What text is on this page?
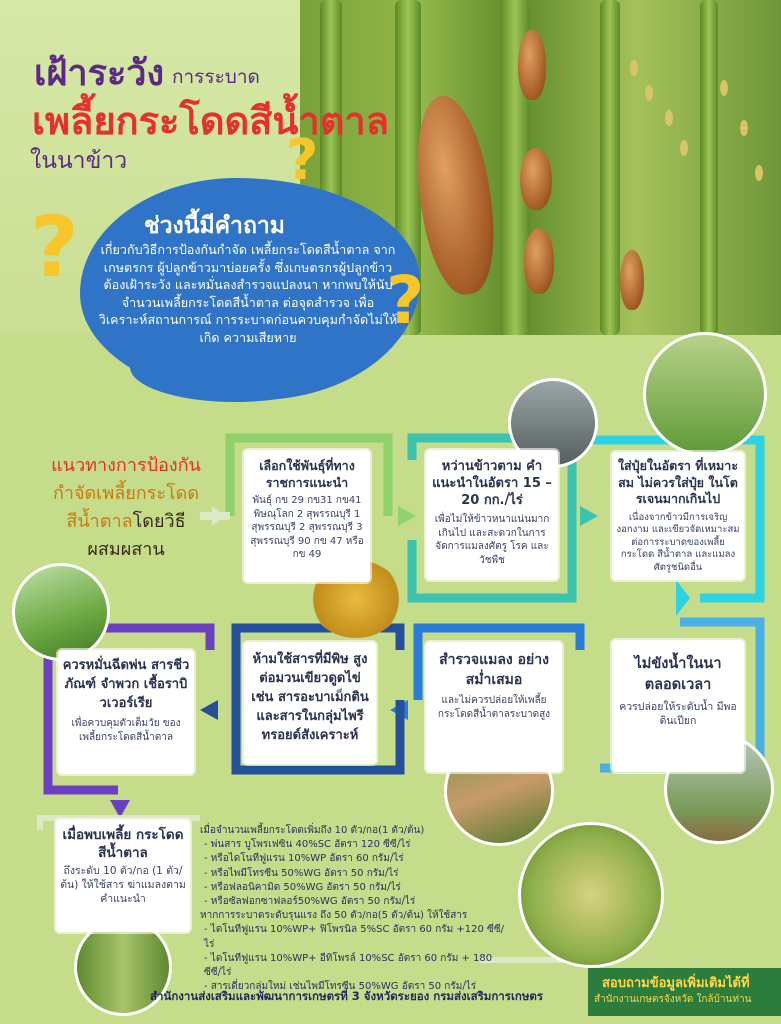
เฝ้าระวัง การระบาด
เพลี้ยกระโดดสีน้ำตาล
ในนาข้าว
?
?
?
ช่วงนี้มีคำถาม
เกี่ยวกับวิธีการป้องกันกำจัด เพลี้ยกระโดดสีน้ำตาล จากเกษตรกร ผู้ปลูกข้าวมาบ่อยครั้ง ซึ่งเกษตรกรผู้ปลูกข้าว ต้องเฝ้าระวัง และหมั่นลงสำรวจแปลงนา หากพบให้นับจำนวนเพลี้ยกระโดดสีน้ำตาล ต่อจุดสำรวจ เพื่อวิเคราะห์สถานการณ์ การระบาดก่อนควบคุมกำจัดไม่ให้เกิด ความเสียหาย
แนวทางการป้องกัน
กำจัดเพลี้ยกระโดด
สีน้ำตาลโดยวิธี
ผสมผสาน
เลือกใช้พันธุ์ที่ทาง ราชการแนะนำ
พันธุ์ กข 29 กข31 กข41 พิษณุโลก 2 สุพรรณบุรี 1 สุพรรณบุรี 2 สุพรรณบุรี 3 สุพรรณบุรี 90 กข 47 หรือ กข 49
หว่านข้าวตาม คำแนะนำในอัตรา 15 – 20 กก./ไร่
เพื่อไม่ให้ข้าวหนาแน่นมาก เกินไป และสะดวกในการ จัดการแมลงศัตรู โรค และวัชพืช
ใส่ปุ๋ยในอัตรา ที่เหมาะสม ไม่ควรใส่ปุ๋ย ในโตรเจนมากเกินไป
เนื่องจากข้าวมีการเจริญ งอกงาม และเขียวจัดเหมาะสม ต่อการระบาดของเพลี้ยกระโดด สีน้ำตาล และแมลงศัตรูชนิดอื่น
ไม่ขังน้ำในนา ตลอดเวลา
ควรปล่อยให้ระดับน้ำ มีพอดินเปียก
สำรวจแมลง อย่างสม่ำเสมอ
และไม่ควรปล่อยให้เพลี้ย กระโดดสีน้ำตาลระบาดสูง
ห้ามใช้สารที่มีพิษ สูงต่อมวนเขียวดูดไข่ เช่น สารอะบาเม็กติน และสารในกลุ่มไพรี ทรอยด์สังเคราะห์
ควรหมั่นฉีดพ่น สารชีวภัณฑ์ จำพวก เชื้อราบิวเวอร์เรีย
เพื่อควบคุมตัวเต็มวัย ของเพลี้ยกระโดดสีน้ำตาล
เมื่อพบเพลี้ย กระโดดสีน้ำตาล
ถึงระดับ 10 ตัว/กอ (1 ตัว/ต้น) ให้ใช้สาร ฆ่าแมลงตามคำแนะนำ
เมื่อจำนวนเพลี้ยกระโดดเพิ่มถึง 10 ตัว/กอ(1 ตัว/ต้น)
- พ่นสาร บูโพรเฟซิน 40%SC อัตรา 120 ซีซี/ไร่
- หรือไดโนทีฟูแรน 10%WP อัตรา 60 กรัม/ไร่
- หรือไพมีโทรซีน 50%WG อัตรา 50 กรัม/ไร่
- หรือฟลอนิคามิด 50%WG อัตรา 50 กรัม/ไร่
- หรือซัลฟอกซาฟลอร์50%WG อัตรา 50 กรัม/ไร่
หากการระบาดระดับรุนแรง ถึง 50 ตัว/กอ(5 ตัว/ต้น) ให้ใช้สาร
- ไดโนทีฟูแรน 10%WP+ ฟิโพรนิล 5%SC อัตรา 60 กรัม +120 ซีซี/ไร่
- ไดโนทีฟูแรน 10%WP+ อีทิโพรล์ 10%SC อัตรา 60 กรัม + 180 ซีซี/ไร่
- สารเดี่ยวกลุ่มใหม่ เช่นไพมีโทรซีน 50%WG อัตรา 50 กรัม/ไร่
สำนักงานส่งเสริมและพัฒนาการเกษตรที่ 3 จังหวัดระยอง กรมส่งเสริมการเกษตร
สอบถามข้อมูลเพิ่มเติมได้ที่
สำนักงานเกษตรจังหวัด ใกล้บ้านท่าน
